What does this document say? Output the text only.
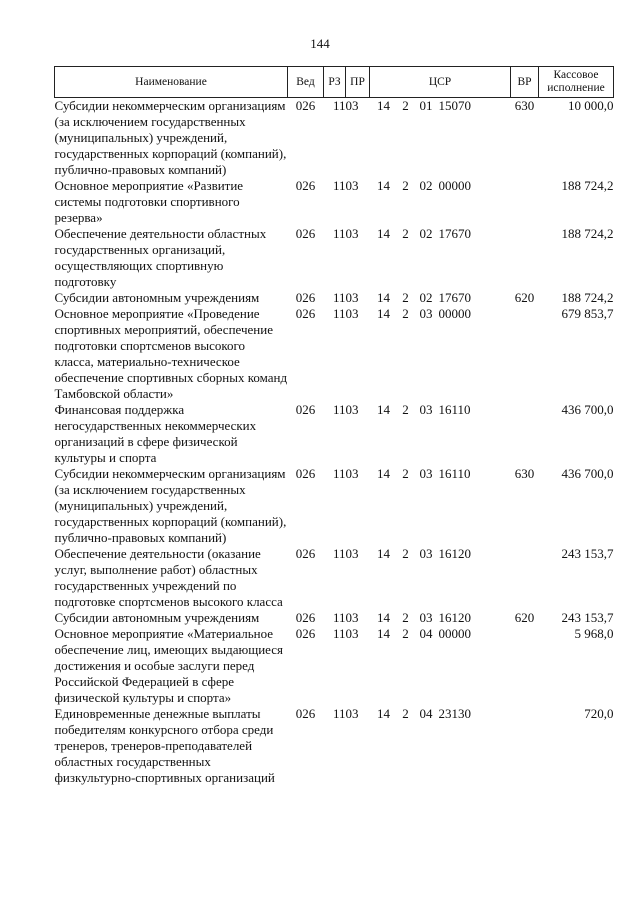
144
Наименование	Вед	РЗ	ПР	ЦСР				ВР	Кассовое исполнение
Субсидии некоммерческим организациям (за исключением государственных (муниципальных) учреждений, государственных корпораций (компаний), публично-правовых компаний)	026	11	03	14	2	01	15070	630	10 000,0
Основное мероприятие «Развитие системы подготовки спортивного резерва»	026	11	03	14	2	02	00000		188 724,2
Обеспечение деятельности областных государственных организаций, осуществляющих спортивную подготовку	026	11	03	14	2	02	17670		188 724,2
Субсидии автономным учреждениям	026	11	03	14	2	02	17670	620	188 724,2
Основное мероприятие «Проведение спортивных мероприятий, обеспечение подготовки спортсменов высокого класса, материально-техническое обеспечение спортивных сборных команд Тамбовской области»	026	11	03	14	2	03	00000		679 853,7
Финансовая поддержка негосударственных некоммерческих организаций в сфере физической культуры и спорта	026	11	03	14	2	03	16110		436 700,0
Субсидии некоммерческим организациям (за исключением государственных (муниципальных) учреждений, государственных корпораций (компаний), публично-правовых компаний)	026	11	03	14	2	03	16110	630	436 700,0
Обеспечение деятельности (оказание услуг, выполнение работ) областных государственных учреждений по подготовке спортсменов высокого класса	026	11	03	14	2	03	16120		243 153,7
Субсидии автономным учреждениям	026	11	03	14	2	03	16120	620	243 153,7
Основное мероприятие «Материальное обеспечение лиц, имеющих выдающиеся достижения и особые заслуги перед Российской Федерацией в сфере физической культуры и спорта»	026	11	03	14	2	04	00000		5 968,0
Единовременные денежные выплаты победителям конкурсного отбора среди тренеров, тренеров-преподавателей областных государственных физкультурно-спортивных организаций	026	11	03	14	2	04	23130		720,0
